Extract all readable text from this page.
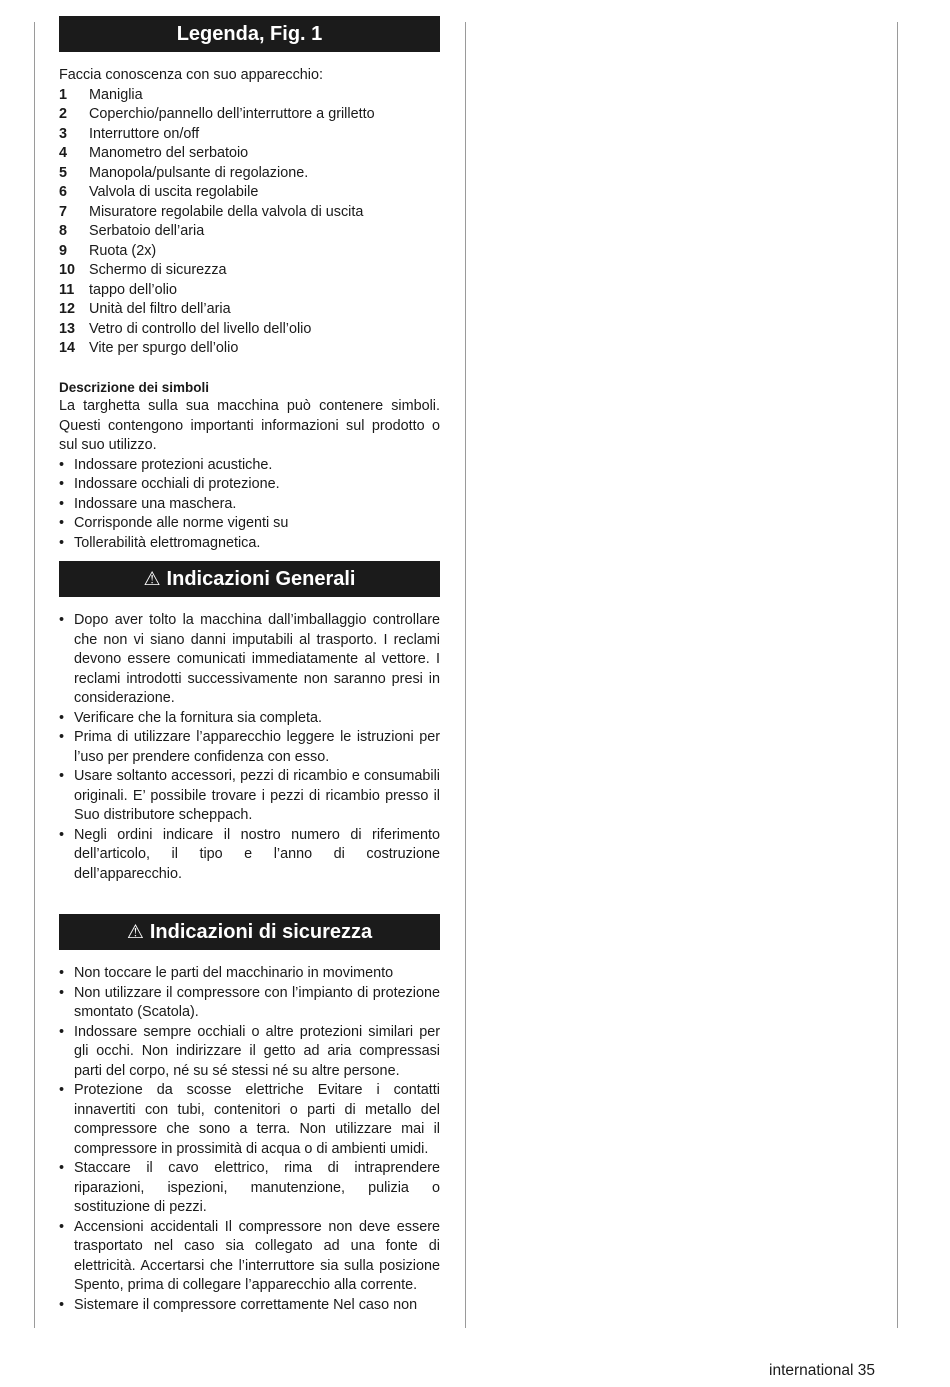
Legenda, Fig. 1
Faccia conoscenza con suo apparecchio:
1	Maniglia
2	Coperchio/pannello dell’interruttore a grilletto
3	Interruttore on/off
4	Manometro del serbatoio
5	Manopola/pulsante di regolazione.
6	Valvola di uscita regolabile
7	Misuratore regolabile della valvola di uscita
8	Serbatoio dell’aria
9	Ruota (2x)
10 Schermo di sicurezza
11	tappo dell’olio
12 Unità del filtro dell’aria
13 Vetro di controllo del livello dell’olio
14 Vite per spurgo dell’olio
Descrizione dei simboli
La targhetta sulla sua macchina può contenere simboli. Questi contengono importanti informazioni sul prodotto o sul suo utilizzo.
• Indossare protezioni acustiche.
• Indossare occhiali di protezione.
• Indossare una maschera.
• Corrisponde alle norme vigenti su
• Tollerabilità elettromagnetica.
⚠ Indicazioni Generali
• Dopo aver tolto la macchina dall’imballaggio controllare che non vi siano danni imputabili al trasporto. I reclami devono essere comunicati immediatamente al vettore. I reclami introdotti successivamente non saranno presi in considerazione.
• Verificare che la fornitura sia completa.
• Prima di utilizzare l’apparecchio leggere le istruzioni per l’uso per prendere confidenza con esso.
• Usare soltanto accessori, pezzi di ricambio e consumabili originali. E’ possibile trovare i pezzi di ricambio presso il Suo distributore scheppach.
• Negli ordini indicare il nostro numero di riferimento dell’articolo, il tipo e l’anno di costruzione dell’apparecchio.
⚠ Indicazioni di sicurezza
• Non toccare le parti del macchinario in movimento
• Non utilizzare il compressore con l’impianto di protezione smontato (Scatola).
• Indossare sempre occhiali o altre protezioni similari per gli occhi. Non indirizzare il getto ad aria compressasi parti del corpo, né su sé stessi né su altre persone.
• Protezione da scosse elettriche Evitare i contatti innavertiti con tubi, contenitori o parti di metallo del compressore che sono a terra. Non utilizzare mai il compressore in prossimità di acqua o di ambienti umidi.
• Staccare il cavo elettrico, rima di intraprendere riparazioni, ispezioni, manutenzione, pulizia o sostituzione di pezzi.
• Accensioni accidentali Il compressore non deve essere trasportato nel caso sia collegato ad una fonte di elettricità. Accertarsi che l’interruttore sia sulla posizione Spento, prima di collegare l’apparecchio alla corrente.
• Sistemare il compressore correttamente Nel caso non
international 35
